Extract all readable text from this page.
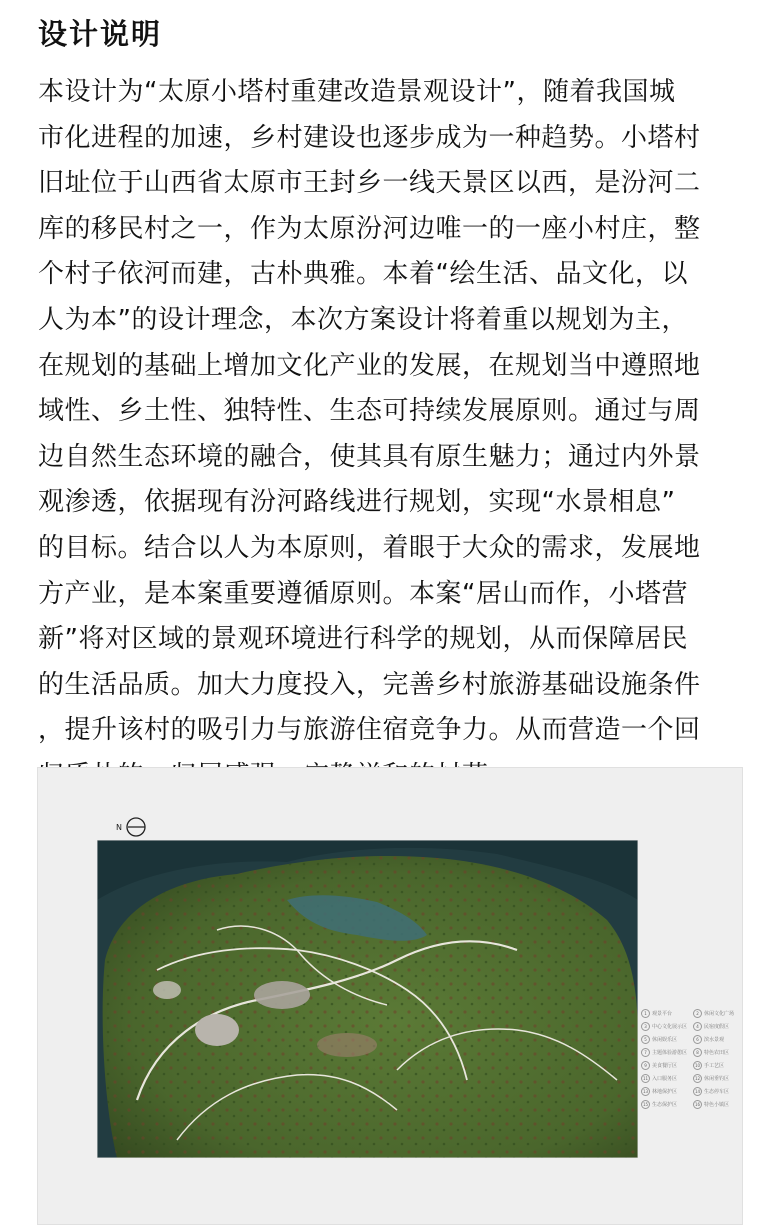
设计说明
本设计为“太原小塔村重建改造景观设计”，随着我国城
市化进程的加速，乡村建设也逐步成为一种趋势。小塔村
旧址位于山西省太原市王封乡一线天景区以西，是汾河二
库的移民村之一，作为太原汾河边唯一的一座小村庄，整
个村子依河而建，古朴典雅。本着“绘生活、品文化，以
人为本”的设计理念，本次方案设计将着重以规划为主，
在规划的基础上增加文化产业的发展，在规划当中遵照地
域性、乡土性、独特性、生态可持续发展原则。通过与周
边自然生态环境的融合，使其具有原生魅力；通过内外景
观渗透，依据现有汾河路线进行规划，实现“水景相息”
的目标。结合以人为本原则，着眼于大众的需求，发展地
方产业，是本案重要遵循原则。本案“居山而作，小塔营
新”将对区域的景观环境进行科学的规划，从而保障居民
的生活品质。加大力度投入，完善乡村旅游基础设施条件
，提升该村的吸引力与旅游住宿竞争力。从而营造一个回
N
1	观景平台	2	休闲文化广场
3	中心文化展示区	4	民宿度假区
5	休闲娱乐区	6	滨水景观
7	主题体验游憩区	8	特色农田区
9	美食餐厅区	10 手工艺区
11 入口服务区	12 休闲垂钓区
13 林地保护区	14 生态停车区
15 生态保护区	16 特色小镇区
